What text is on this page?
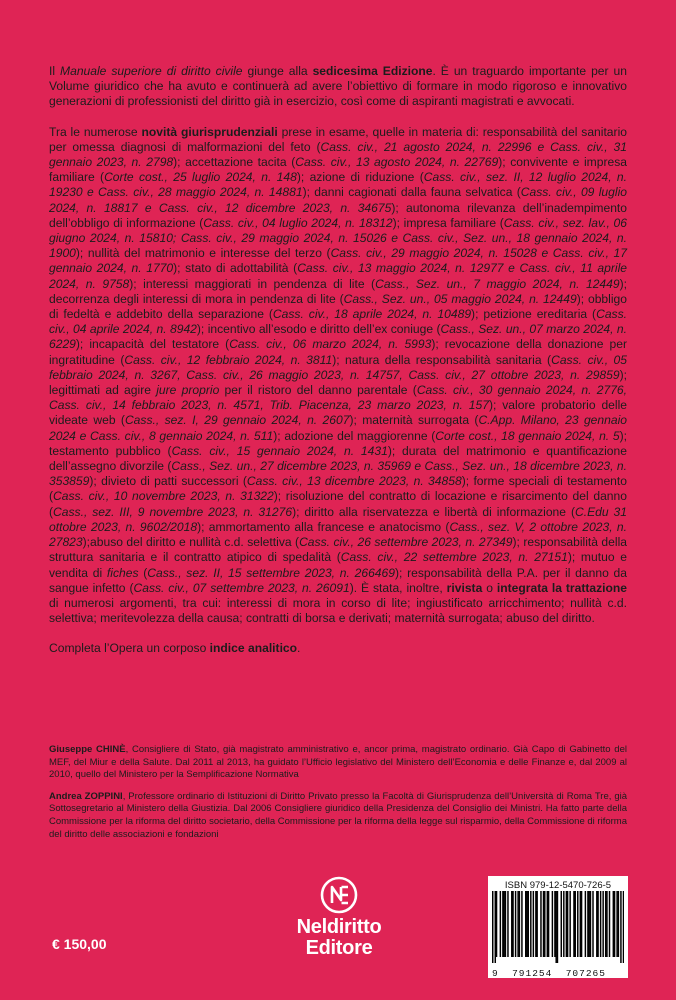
Il Manuale superiore di diritto civile giunge alla sedicesima Edizione. È un traguardo importante per un Volume giuridico che ha avuto e continuerà ad avere l’obiettivo di formare in modo rigoroso e innovativo generazioni di professionisti del diritto già in esercizio, così come di aspiranti magistrati e avvocati.

Tra le numerose novità giurisprudenziali prese in esame, quelle in materia di: responsabilità del sanitario per omessa diagnosi di malformazioni del feto (Cass. civ., 21 agosto 2024, n. 22996 e Cass. civ., 31 gennaio 2023, n. 2798); accettazione tacita (Cass. civ., 13 agosto 2024, n. 22769); convivente e impresa familiare (Corte cost., 25 luglio 2024, n. 148); azione di riduzione (Cass. civ., sez. II, 12 luglio 2024, n. 19230 e Cass. civ., 28 maggio 2024, n. 14881); danni cagionati dalla fauna selvatica (Cass. civ., 09 luglio 2024, n. 18817 e Cass. civ., 12 dicembre 2023, n. 34675); autonoma rilevanza dell’inadempimento dell’obbligo di informazione (Cass. civ., 04 luglio 2024, n. 18312); impresa familiare (Cass. civ., sez. lav., 06 giugno 2024, n. 15810; Cass. civ., 29 maggio 2024, n. 15026 e Cass. civ., Sez. un., 18 gennaio 2024, n. 1900); nullità del matrimonio e interesse del terzo (Cass. civ., 29 maggio 2024, n. 15028 e Cass. civ., 17 gennaio 2024, n. 1770); stato di adottabilità (Cass. civ., 13 maggio 2024, n. 12977 e Cass. civ., 11 aprile 2024, n. 9758); interessi maggiorati in pendenza di lite (Cass., Sez. un., 7 maggio 2024, n. 12449); decorrenza degli interessi di mora in pendenza di lite (Cass., Sez. un., 05 maggio 2024, n. 12449); obbligo di fedeltà e addebito della separazione (Cass. civ., 18 aprile 2024, n. 10489); petizione ereditaria (Cass. civ., 04 aprile 2024, n. 8942); incentivo all’esodo e diritto dell’ex coniuge (Cass., Sez. un., 07 marzo 2024, n. 6229); incapacità del testatore (Cass. civ., 06 marzo 2024, n. 5993); revocazione della donazione per ingratitudine (Cass. civ., 12 febbraio 2024, n. 3811); natura della responsabilità sanitaria (Cass. civ., 05 febbraio 2024, n. 3267, Cass. civ., 26 maggio 2023, n. 14757, Cass. civ., 27 ottobre 2023, n. 29859); legittimati ad agire jure proprio per il ristoro del danno parentale (Cass. civ., 30 gennaio 2024, n. 2776, Cass. civ., 14 febbraio 2023, n. 4571, Trib. Piacenza, 23 marzo 2023, n. 157); valore probatorio delle videate web (Cass., sez. I, 29 gennaio 2024, n. 2607); maternità surrogata (C.App. Milano, 23 gennaio 2024 e Cass. civ., 8 gennaio 2024, n. 511); adozione del maggiorenne (Corte cost., 18 gennaio 2024, n. 5); testamento pubblico (Cass. civ., 15 gennaio 2024, n. 1431); durata del matrimonio e quantificazione dell’assegno divorzile (Cass., Sez. un., 27 dicembre 2023, n. 35969 e Cass., Sez. un., 18 dicembre 2023, n. 353859); divieto di patti successori (Cass. civ., 13 dicembre 2023, n. 34858); forme speciali di testamento (Cass. civ., 10 novembre 2023, n. 31322); risoluzione del contratto di locazione e risarcimento del danno (Cass., sez. III, 9 novembre 2023, n. 31276); diritto alla riservatezza e libertà di informazione (C.Edu 31 ottobre 2023, n. 9602/2018); ammortamento alla francese e anatocismo (Cass., sez. V, 2 ottobre 2023, n. 27823);abuso del diritto e nullità c.d. selettiva (Cass. civ., 26 settembre 2023, n. 27349); responsabilità della struttura sanitaria e il contratto atipico di spedalità (Cass. civ., 22 settembre 2023, n. 27151); mutuo e vendita di fiches (Cass., sez. II, 15 settembre 2023, n. 266469); responsabilità della P.A. per il danno da sangue infetto (Cass. civ., 07 settembre 2023, n. 26091). È stata, inoltre, rivista o integrata la trattazione di numerosi argomenti, tra cui: interessi di mora in corso di lite; ingiustificato arricchimento; nullità c.d. selettiva; meritevolezza della causa; contratti di borsa e derivati; maternità surrogata; abuso del diritto.

Completa l’Opera un corposo indice analitico.

Giuseppe CHINÈ, Consigliere di Stato, già magistrato amministrativo e, ancor prima, magistrato ordinario. Già Capo di Gabinetto del MEF, del Miur e della Salute. Dal 2011 al 2013, ha guidato l’Ufficio legislativo del Ministero dell’Economia e delle Finanze e, dal 2009 al 2010, quello del Ministero per la Semplificazione Normativa

Andrea ZOPPINI, Professore ordinario di Istituzioni di Diritto Privato presso la Facoltà di Giurisprudenza dell’Università di Roma Tre, già Sottosegretario al Ministero della Giustizia. Dal 2006 Consigliere giuridico della Presidenza del Consiglio dei Ministri. Ha fatto parte della Commissione per la riforma del diritto societario, della Commissione per la riforma della legge sul risparmio, della Commissione di riforma del diritto delle associazioni e fondazioni

Neldiritto
Editore
€ 150,00
ISBN 979-12-5470-726-5
9 791254 707265
